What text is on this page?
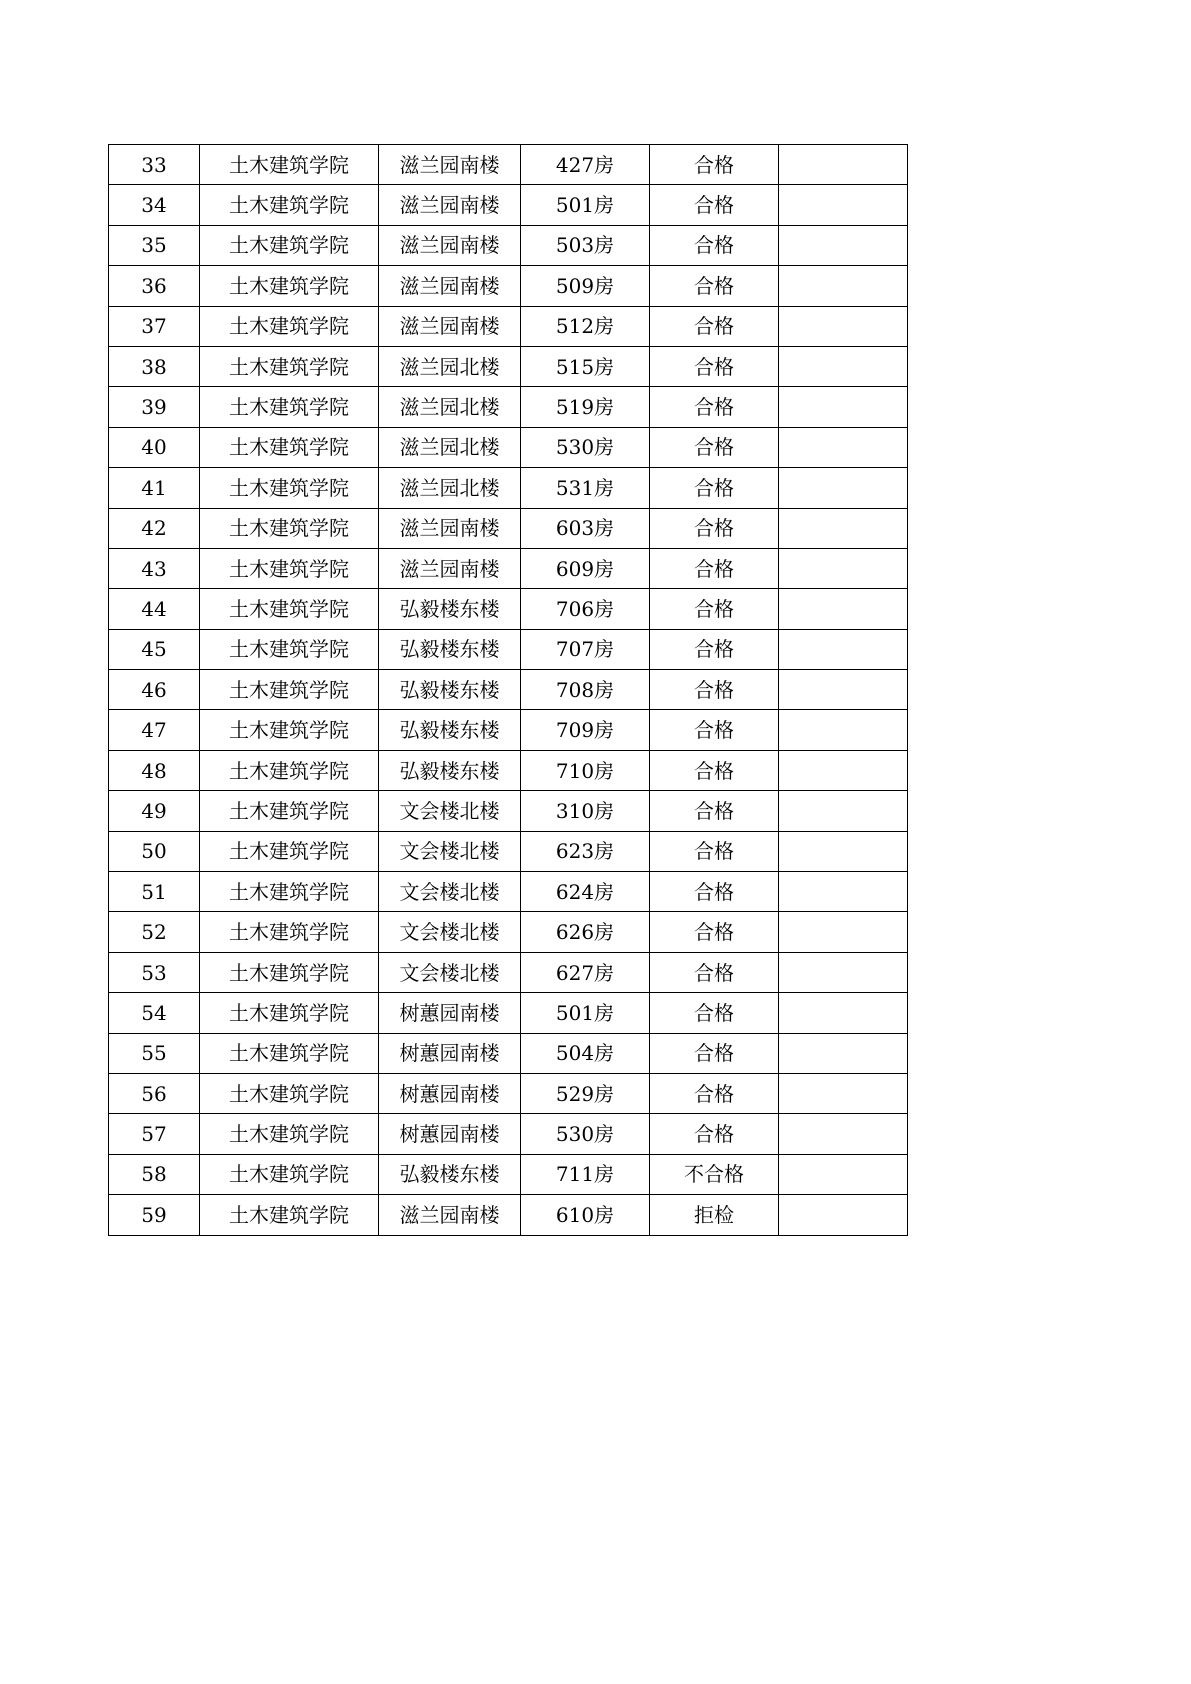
33	土木建筑学院	滋兰园南楼	427房	合格	
34	土木建筑学院	滋兰园南楼	501房	合格	
35	土木建筑学院	滋兰园南楼	503房	合格	
36	土木建筑学院	滋兰园南楼	509房	合格	
37	土木建筑学院	滋兰园南楼	512房	合格	
38	土木建筑学院	滋兰园北楼	515房	合格	
39	土木建筑学院	滋兰园北楼	519房	合格	
40	土木建筑学院	滋兰园北楼	530房	合格	
41	土木建筑学院	滋兰园北楼	531房	合格	
42	土木建筑学院	滋兰园南楼	603房	合格	
43	土木建筑学院	滋兰园南楼	609房	合格	
44	土木建筑学院	弘毅楼东楼	706房	合格	
45	土木建筑学院	弘毅楼东楼	707房	合格	
46	土木建筑学院	弘毅楼东楼	708房	合格	
47	土木建筑学院	弘毅楼东楼	709房	合格	
48	土木建筑学院	弘毅楼东楼	710房	合格	
49	土木建筑学院	文会楼北楼	310房	合格	
50	土木建筑学院	文会楼北楼	623房	合格	
51	土木建筑学院	文会楼北楼	624房	合格	
52	土木建筑学院	文会楼北楼	626房	合格	
53	土木建筑学院	文会楼北楼	627房	合格	
54	土木建筑学院	树蕙园南楼	501房	合格	
55	土木建筑学院	树蕙园南楼	504房	合格	
56	土木建筑学院	树蕙园南楼	529房	合格	
57	土木建筑学院	树蕙园南楼	530房	合格	
58	土木建筑学院	弘毅楼东楼	711房	不合格	
59	土木建筑学院	滋兰园南楼	610房	拒检	
